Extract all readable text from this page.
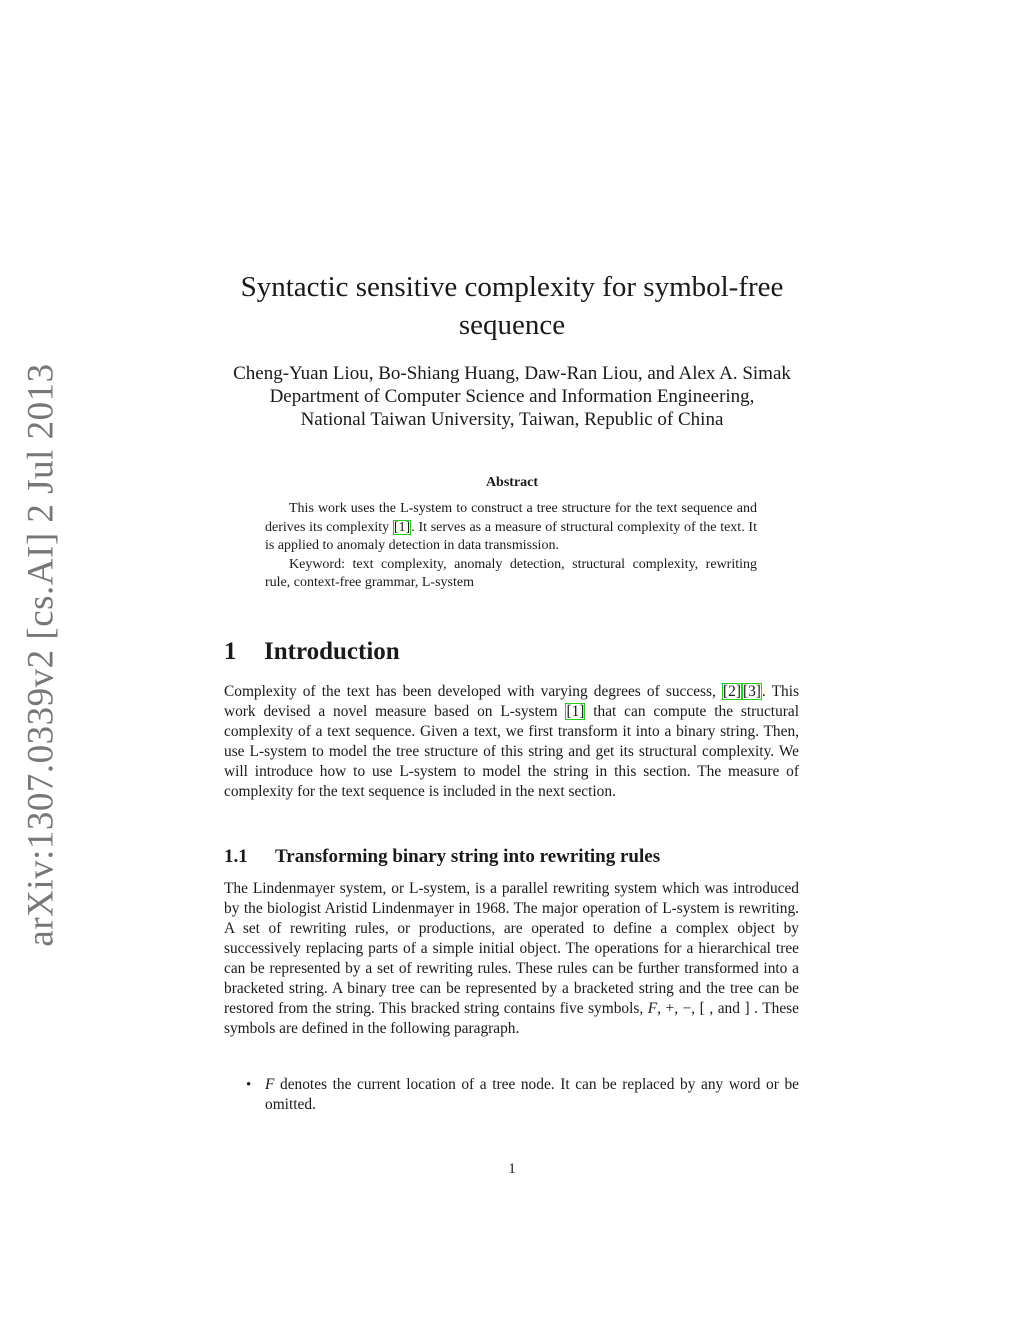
arXiv:1307.0339v2 [cs.AI] 2 Jul 2013
Syntactic sensitive complexity for symbol-free
sequence
Cheng-Yuan Liou, Bo-Shiang Huang, Daw-Ran Liou, and Alex A. Simak
Department of Computer Science and Information Engineering,
National Taiwan University, Taiwan, Republic of China
Abstract

This work uses the L-system to construct a tree structure for the text sequence and derives its complexity [1]. It serves as a measure of structural complexity of the text. It is applied to anomaly detection in data transmission.

Keyword: text complexity, anomaly detection, structural complexity, rewriting rule, context-free grammar, L-system

1 Introduction

Complexity of the text has been developed with varying degrees of success, [2] [3]. This work devised a novel measure based on L-system [1] that can compute the structural complexity of a text sequence. Given a text, we first transform it into a binary string. Then, use L-system to model the tree structure of this string and get its structural complexity. We will introduce how to use L-system to model the string in this section. The measure of complexity for the text sequence is included in the next section.

1.1 Transforming binary string into rewriting rules

The Lindenmayer system, or L-system, is a parallel rewriting system which was introduced by the biologist Aristid Lindenmayer in 1968. The major operation of L-system is rewriting. A set of rewriting rules, or productions, are operated to define a complex object by successively replacing parts of a simple initial object. The operations for a hierarchical tree can be represented by a set of rewriting rules. These rules can be further transformed into a bracketed string. A binary tree can be represented by a bracketed string and the tree can be restored from the string. This bracked string contains five symbols, F, +, −, [ , and ] . These symbols are defined in the following paragraph.

• F denotes the current location of a tree node. It can be replaced by any word or be omitted.

1
